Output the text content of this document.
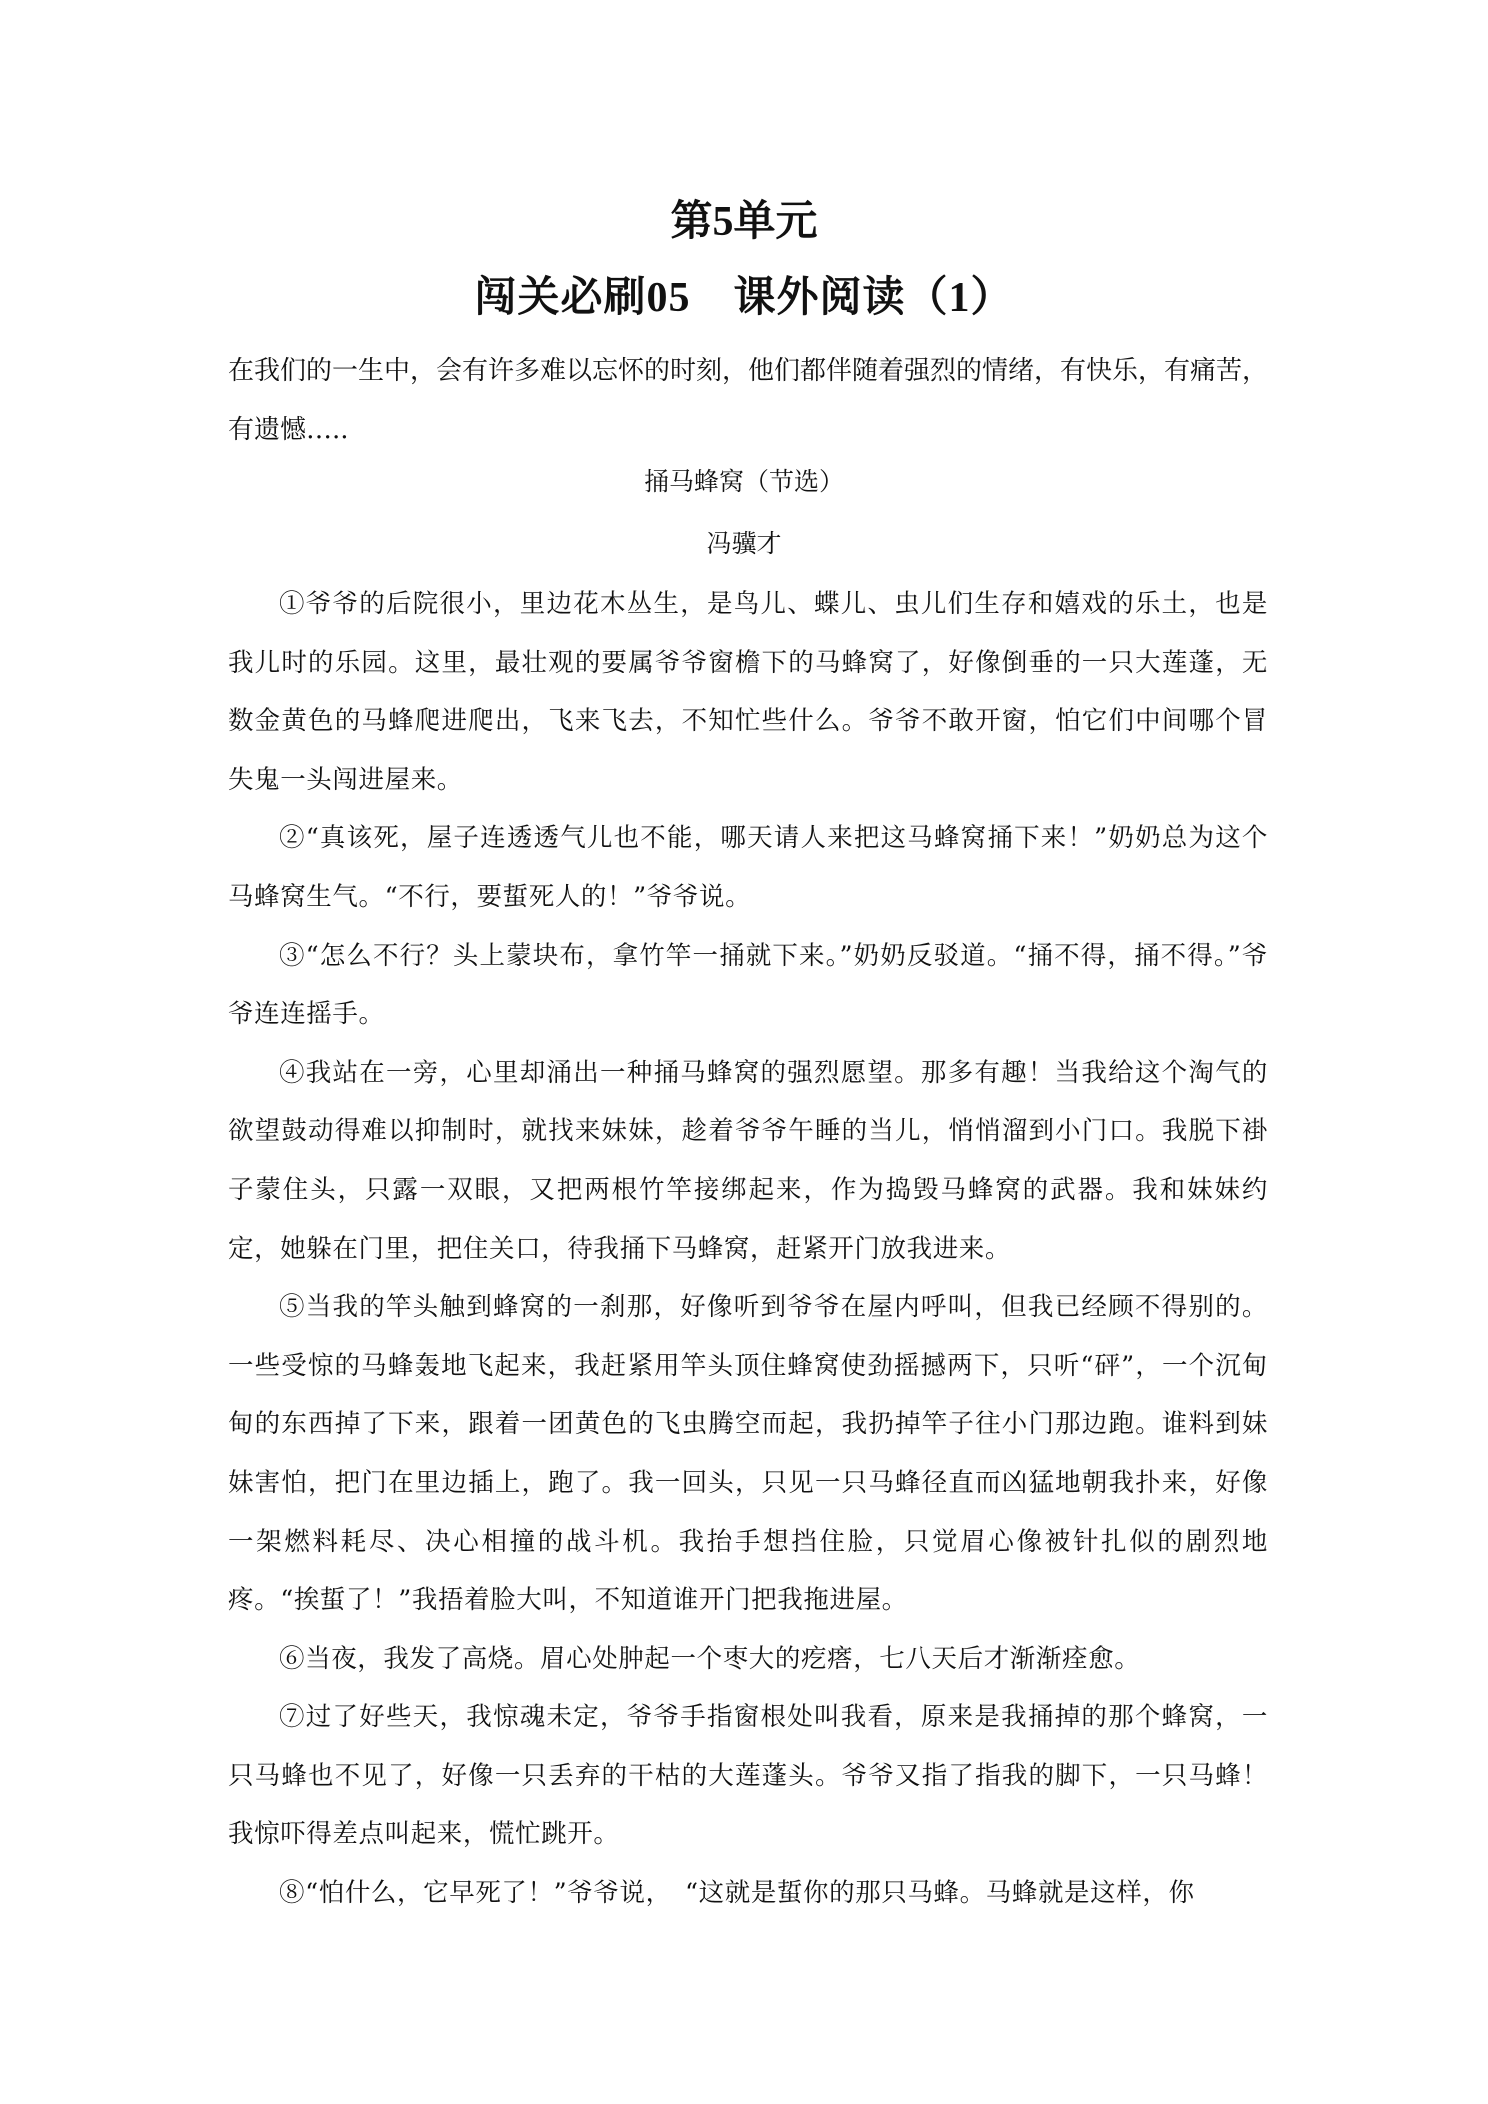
第5单元
闯关必刷05　课外阅读（1）
在我们的一生中，会有许多难以忘怀的时刻，他们都伴随着强烈的情绪，有快乐，有痛苦，有遗憾…..
捅马蜂窝（节选）
冯骥才

①爷爷的后院很小，里边花木丛生，是鸟儿、蝶儿、虫儿们生存和嬉戏的乐土，也是我儿时的乐园。这里，最壮观的要属爷爷窗檐下的马蜂窝了，好像倒垂的一只大莲蓬，无数金黄色的马蜂爬进爬出，飞来飞去，不知忙些什么。爷爷不敢开窗，怕它们中间哪个冒失鬼一头闯进屋来。

②“真该死，屋子连透透气儿也不能，哪天请人来把这马蜂窝捅下来！”奶奶总为这个马蜂窝生气。“不行，要蜇死人的！”爷爷说。

③“怎么不行？头上蒙块布，拿竹竿一捅就下来。”奶奶反驳道。“捅不得，捅不得。”爷爷连连摇手。

④我站在一旁，心里却涌出一种捅马蜂窝的强烈愿望。那多有趣！当我给这个淘气的欲望鼓动得难以抑制时，就找来妹妹，趁着爷爷午睡的当儿，悄悄溜到小门口。我脱下褂子蒙住头，只露一双眼，又把两根竹竿接绑起来，作为捣毁马蜂窝的武器。我和妹妹约定，她躲在门里，把住关口，待我捅下马蜂窝，赶紧开门放我进来。

⑤当我的竿头触到蜂窝的一刹那，好像听到爷爷在屋内呼叫，但我已经顾不得别的。一些受惊的马蜂轰地飞起来，我赶紧用竿头顶住蜂窝使劲摇撼两下，只听“砰”，一个沉甸甸的东西掉了下来，跟着一团黄色的飞虫腾空而起，我扔掉竿子往小门那边跑。谁料到妹妹害怕，把门在里边插上，跑了。我一回头，只见一只马蜂径直而凶猛地朝我扑来，好像一架燃料耗尽、决心相撞的战斗机。我抬手想挡住脸，只觉眉心像被针扎似的剧烈地疼。“挨蜇了！”我捂着脸大叫，不知道谁开门把我拖进屋。

⑥当夜，我发了高烧。眉心处肿起一个枣大的疙瘩，七八天后才渐渐痊愈。

⑦过了好些天，我惊魂未定，爷爷手指窗根处叫我看，原来是我捅掉的那个蜂窝，一只马蜂也不见了，好像一只丢弃的干枯的大莲蓬头。爷爷又指了指我的脚下，一只马蜂！我惊吓得差点叫起来，慌忙跳开。

⑧“怕什么，它早死了！”爷爷说，　“这就是蜇你的那只马蜂。马蜂就是这样，你
